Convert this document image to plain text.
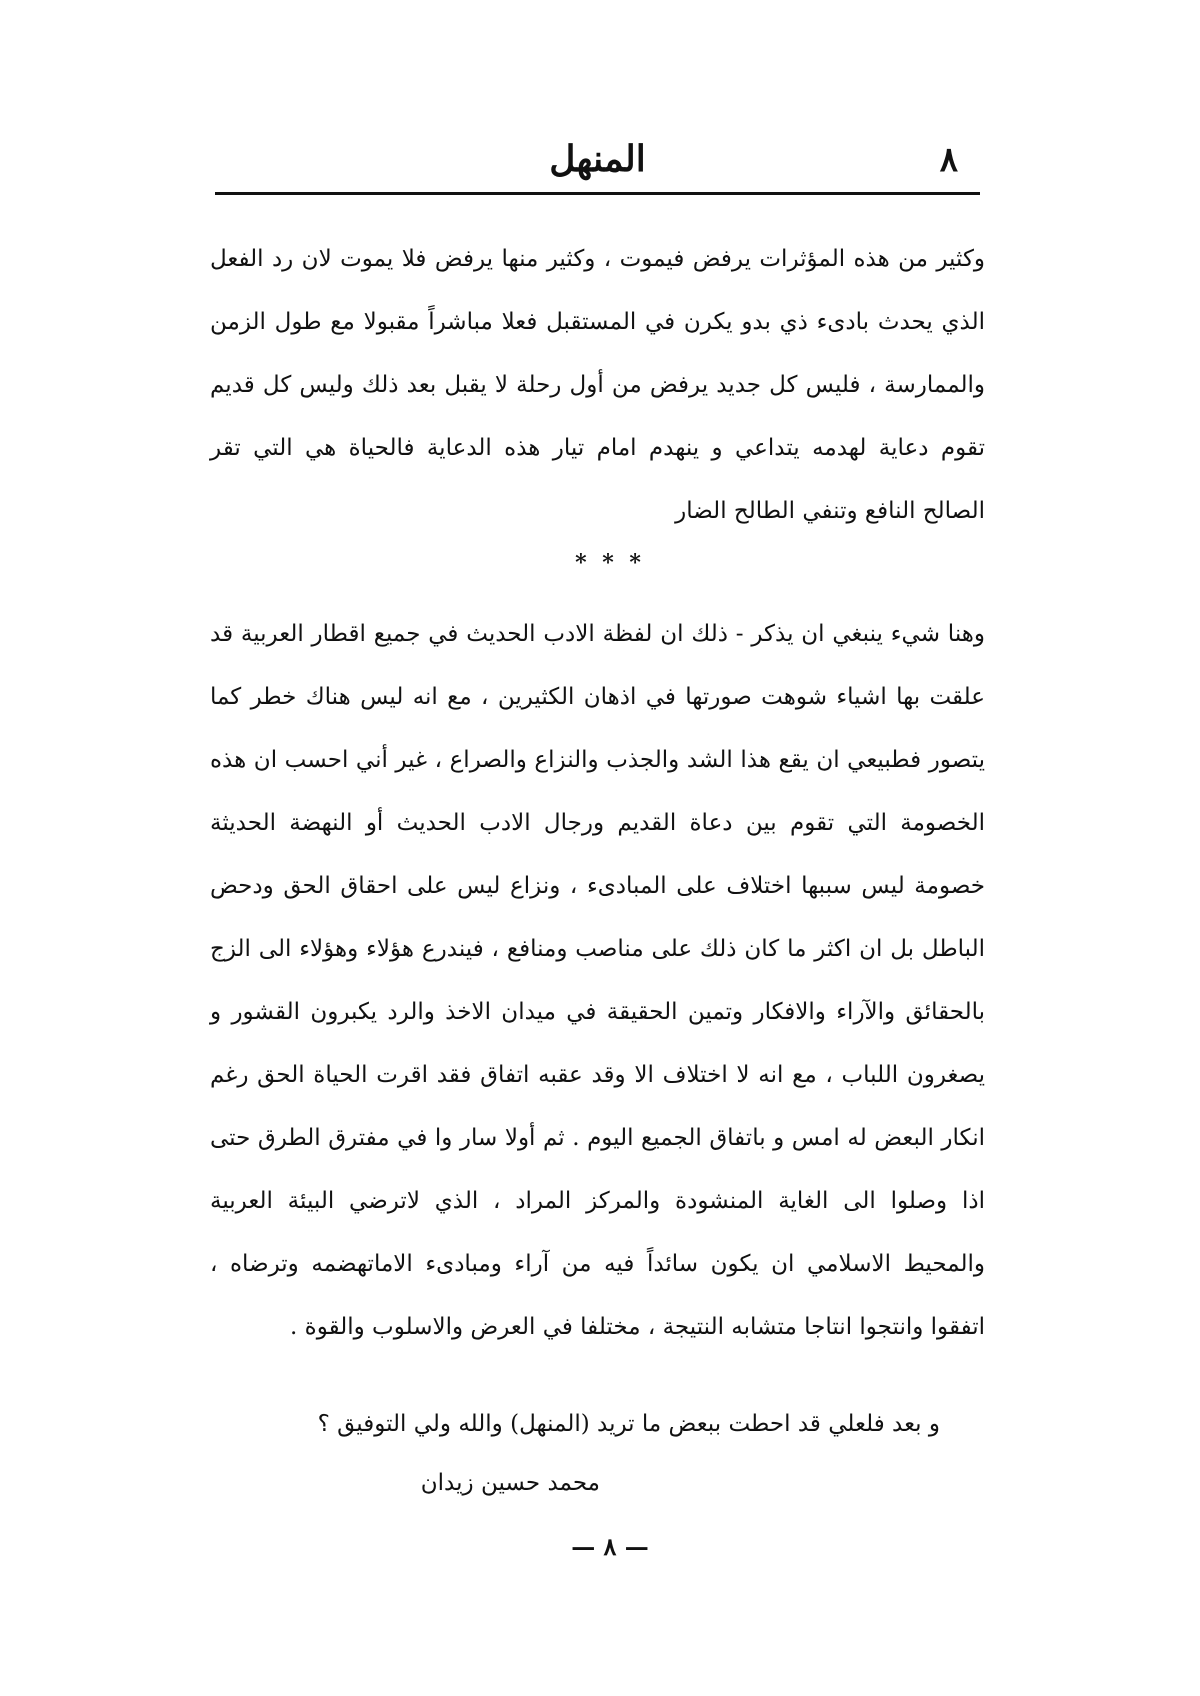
٨
المنهل

وكثير من هذه المؤثرات يرفض فيموت ، وكثير منها يرفض فلا يموت لان رد الفعل الذي يحدث بادىء ذي بدو يكرن في المستقبل فعلا مباشراً مقبولا مع طول الزمن والممارسة ، فليس كل جديد يرفض من أول رحلة لا يقبل بعد ذلك وليس كل قديم تقوم دعاية لهدمه يتداعي و ينهدم امام تيار هذه الدعاية فالحياة هي التي تقر الصالح النافع وتنفي الطالح الضار

* * *

وهنا شيء ينبغي ان يذكر - ذلك ان لفظة الادب الحديث في جميع اقطار العربية قد علقت بها اشياء شوهت صورتها في اذهان الكثيرين ، مع انه ليس هناك خطر كما يتصور فطبيعي ان يقع هذا الشد والجذب والنزاع والصراع ، غير أني احسب ان هذه الخصومة التي تقوم بين دعاة القديم ورجال الادب الحديث أو النهضة الحديثة خصومة ليس سببها اختلاف على المبادىء ، ونزاع ليس على احقاق الحق ودحض الباطل بل ان اكثر ما كان ذلك على مناصب ومنافع ، فيندرع هؤلاء وهؤلاء الى الزج بالحقائق والآراء والافكار وتمين الحقيقة في ميدان الاخذ والرد يكبرون القشور و يصغرون اللباب ، مع انه لا اختلاف الا وقد عقبه اتفاق فقد اقرت الحياة الحق رغم انكار البعض له امس و باتفاق الجميع اليوم . ثم أولا سار وا في مفترق الطرق حتى اذا وصلوا الى الغاية المنشودة والمركز المراد ، الذي لاترضي البيئة العربية والمحيط الاسلامي ان يكون سائداً فيه من آراء ومبادىء الاماتهضمه وترضاه ، اتفقوا وانتجوا انتاجا متشابه النتيجة ، مختلفا في العرض والاسلوب والقوة .

و بعد فلعلي قد احطت ببعض ما تريد (المنهل) والله ولي التوفيق ؟
محمد حسين زيدان
— ٨ —
